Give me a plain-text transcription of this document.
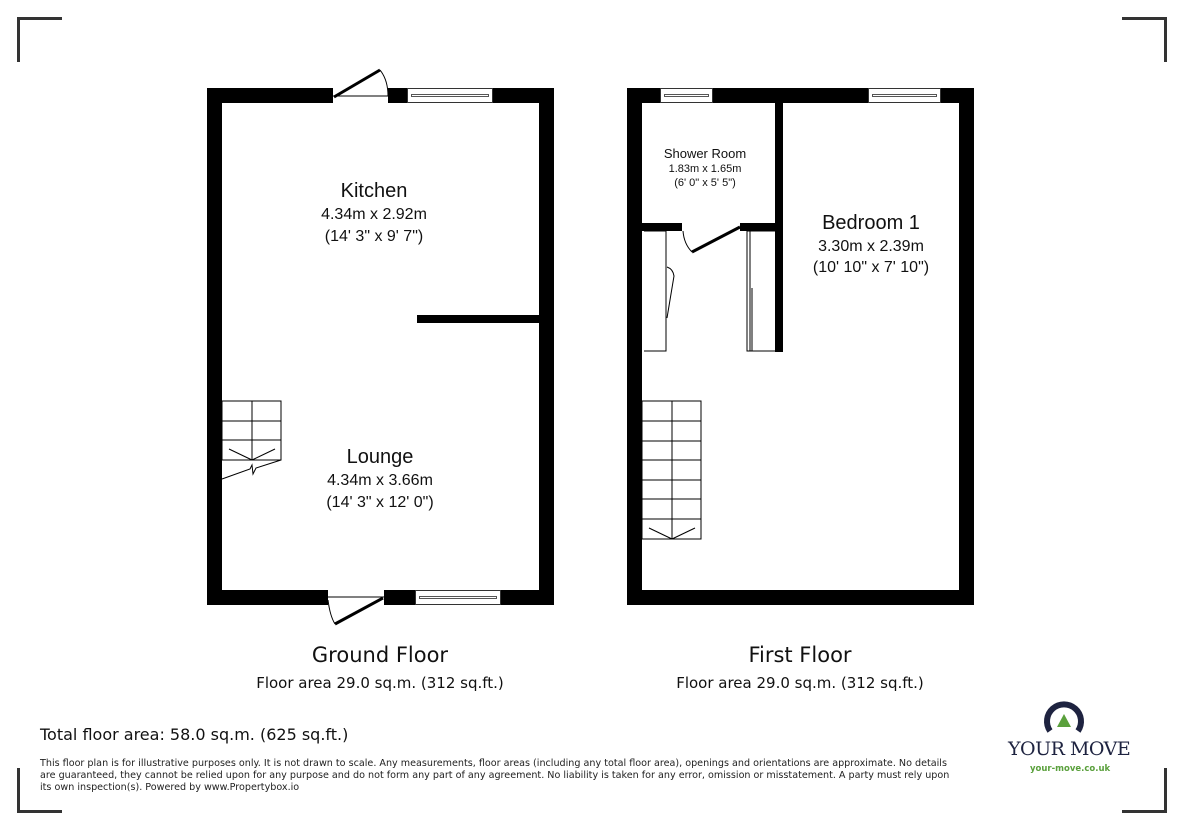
Kitchen
4.34m x 2.92m
(14' 3" x 9' 7")
Lounge
4.34m x 3.66m
(14' 3" x 12' 0")
Ground Floor
Floor area 29.0 sq.m. (312 sq.ft.)
Shower Room
1.83m x 1.65m
(6' 0" x 5' 5")
Bedroom 1
3.30m x 2.39m
(10' 10" x 7' 10")
First Floor
Floor area 29.0 sq.m. (312 sq.ft.)
Total floor area: 58.0 sq.m. (625 sq.ft.)
This floor plan is for illustrative purposes only. It is not drawn to scale. Any measurements, floor areas (including any total floor area), openings and orientations are approximate. No details are guaranteed, they cannot be relied upon for any purpose and do not form any part of any agreement. No liability is taken for any error, omission or misstatement. A party must rely upon its own inspection(s). Powered by www.Propertybox.io
YOUR MOVE
your-move.co.uk
